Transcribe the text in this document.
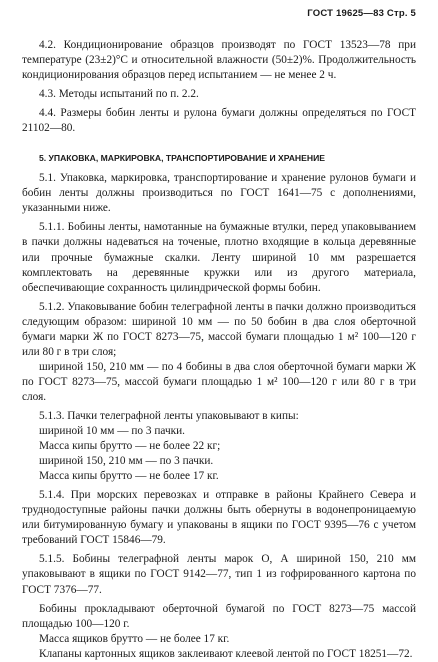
ГОСТ 19625—83 Стр. 5

4.2. Кондиционирование образцов производят по ГОСТ 13523—78 при температуре (23±2)°С и относительной влажности (50±2)%. Продолжительность кондиционирования образцов перед испытанием — не менее 2 ч.

4.3. Методы испытаний по п. 2.2.

4.4. Размеры бобин ленты и рулона бумаги должны определяться по ГОСТ 21102—80.

5. УПАКОВКА, МАРКИРОВКА, ТРАНСПОРТИРОВАНИЕ И ХРАНЕНИЕ

5.1. Упаковка, маркировка, транспортирование и хранение рулонов бумаги и бобин ленты должны производиться по ГОСТ 1641—75 с дополнениями, указанными ниже.

5.1.1. Бобины ленты, намотанные на бумажные втулки, перед упаковыванием в пачки должны надеваться на точеные, плотно входящие в кольца деревянные или прочные бумажные скалки. Ленту шириной 10 мм разрешается комплектовать на деревянные кружки или из другого материала, обеспечивающие сохранность цилиндрической формы бобин.

5.1.2. Упаковывание бобин телеграфной ленты в пачки должно производиться следующим образом: шириной 10 мм — по 50 бобин в два слоя оберточной бумаги марки Ж по ГОСТ 8273—75, массой бумаги площадью 1 м² 100—120 г или 80 г в три слоя;

шириной 150, 210 мм — по 4 бобины в два слоя оберточной бумаги марки Ж по ГОСТ 8273—75, массой бумаги площадью 1 м² 100—120 г или 80 г в три слоя.

5.1.3. Пачки телеграфной ленты упаковывают в кипы:

шириной 10 мм — по 3 пачки.

Масса кипы брутто — не более 22 кг;

шириной 150, 210 мм — по 3 пачки.

Масса кипы брутто — не более 17 кг.

5.1.4. При морских перевозках и отправке в районы Крайнего Севера и труднодоступные районы пачки должны быть обернуты в водонепроницаемую или битумированную бумагу и упакованы в ящики по ГОСТ 9395—76 с учетом требований ГОСТ 15846—79.

5.1.5. Бобины телеграфной ленты марок О, А шириной 150, 210 мм упаковывают в ящики по ГОСТ 9142—77, тип 1 из гофрированного картона по ГОСТ 7376—77.

Бобины прокладывают оберточной бумагой по ГОСТ 8273—75 массой площадью 100—120 г.

Масса ящиков брутто — не более 17 кг.

Клапаны картонных ящиков заклеивают клеевой лентой по ГОСТ 18251—72.
